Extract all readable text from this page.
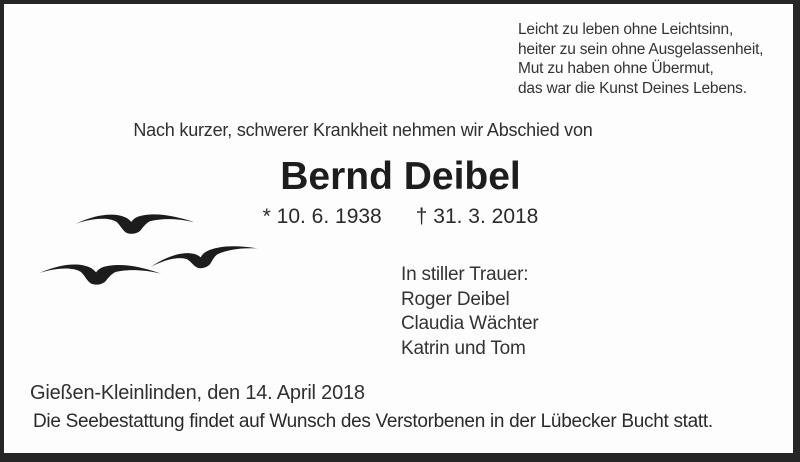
Leicht zu leben ohne Leichtsinn,
heiter zu sein ohne Ausgelassenheit,
Mut zu haben ohne Übermut,
das war die Kunst Deines Lebens.
Nach kurzer, schwerer Krankheit nehmen wir Abschied von
Bernd Deibel
* 10. 6. 1938 † 31. 3. 2018
In stiller Trauer:
Roger Deibel
Claudia Wächter
Katrin und Tom
Gießen-Kleinlinden, den 14. April 2018
Die Seebestattung findet auf Wunsch des Verstorbenen in der Lübecker Bucht statt.
